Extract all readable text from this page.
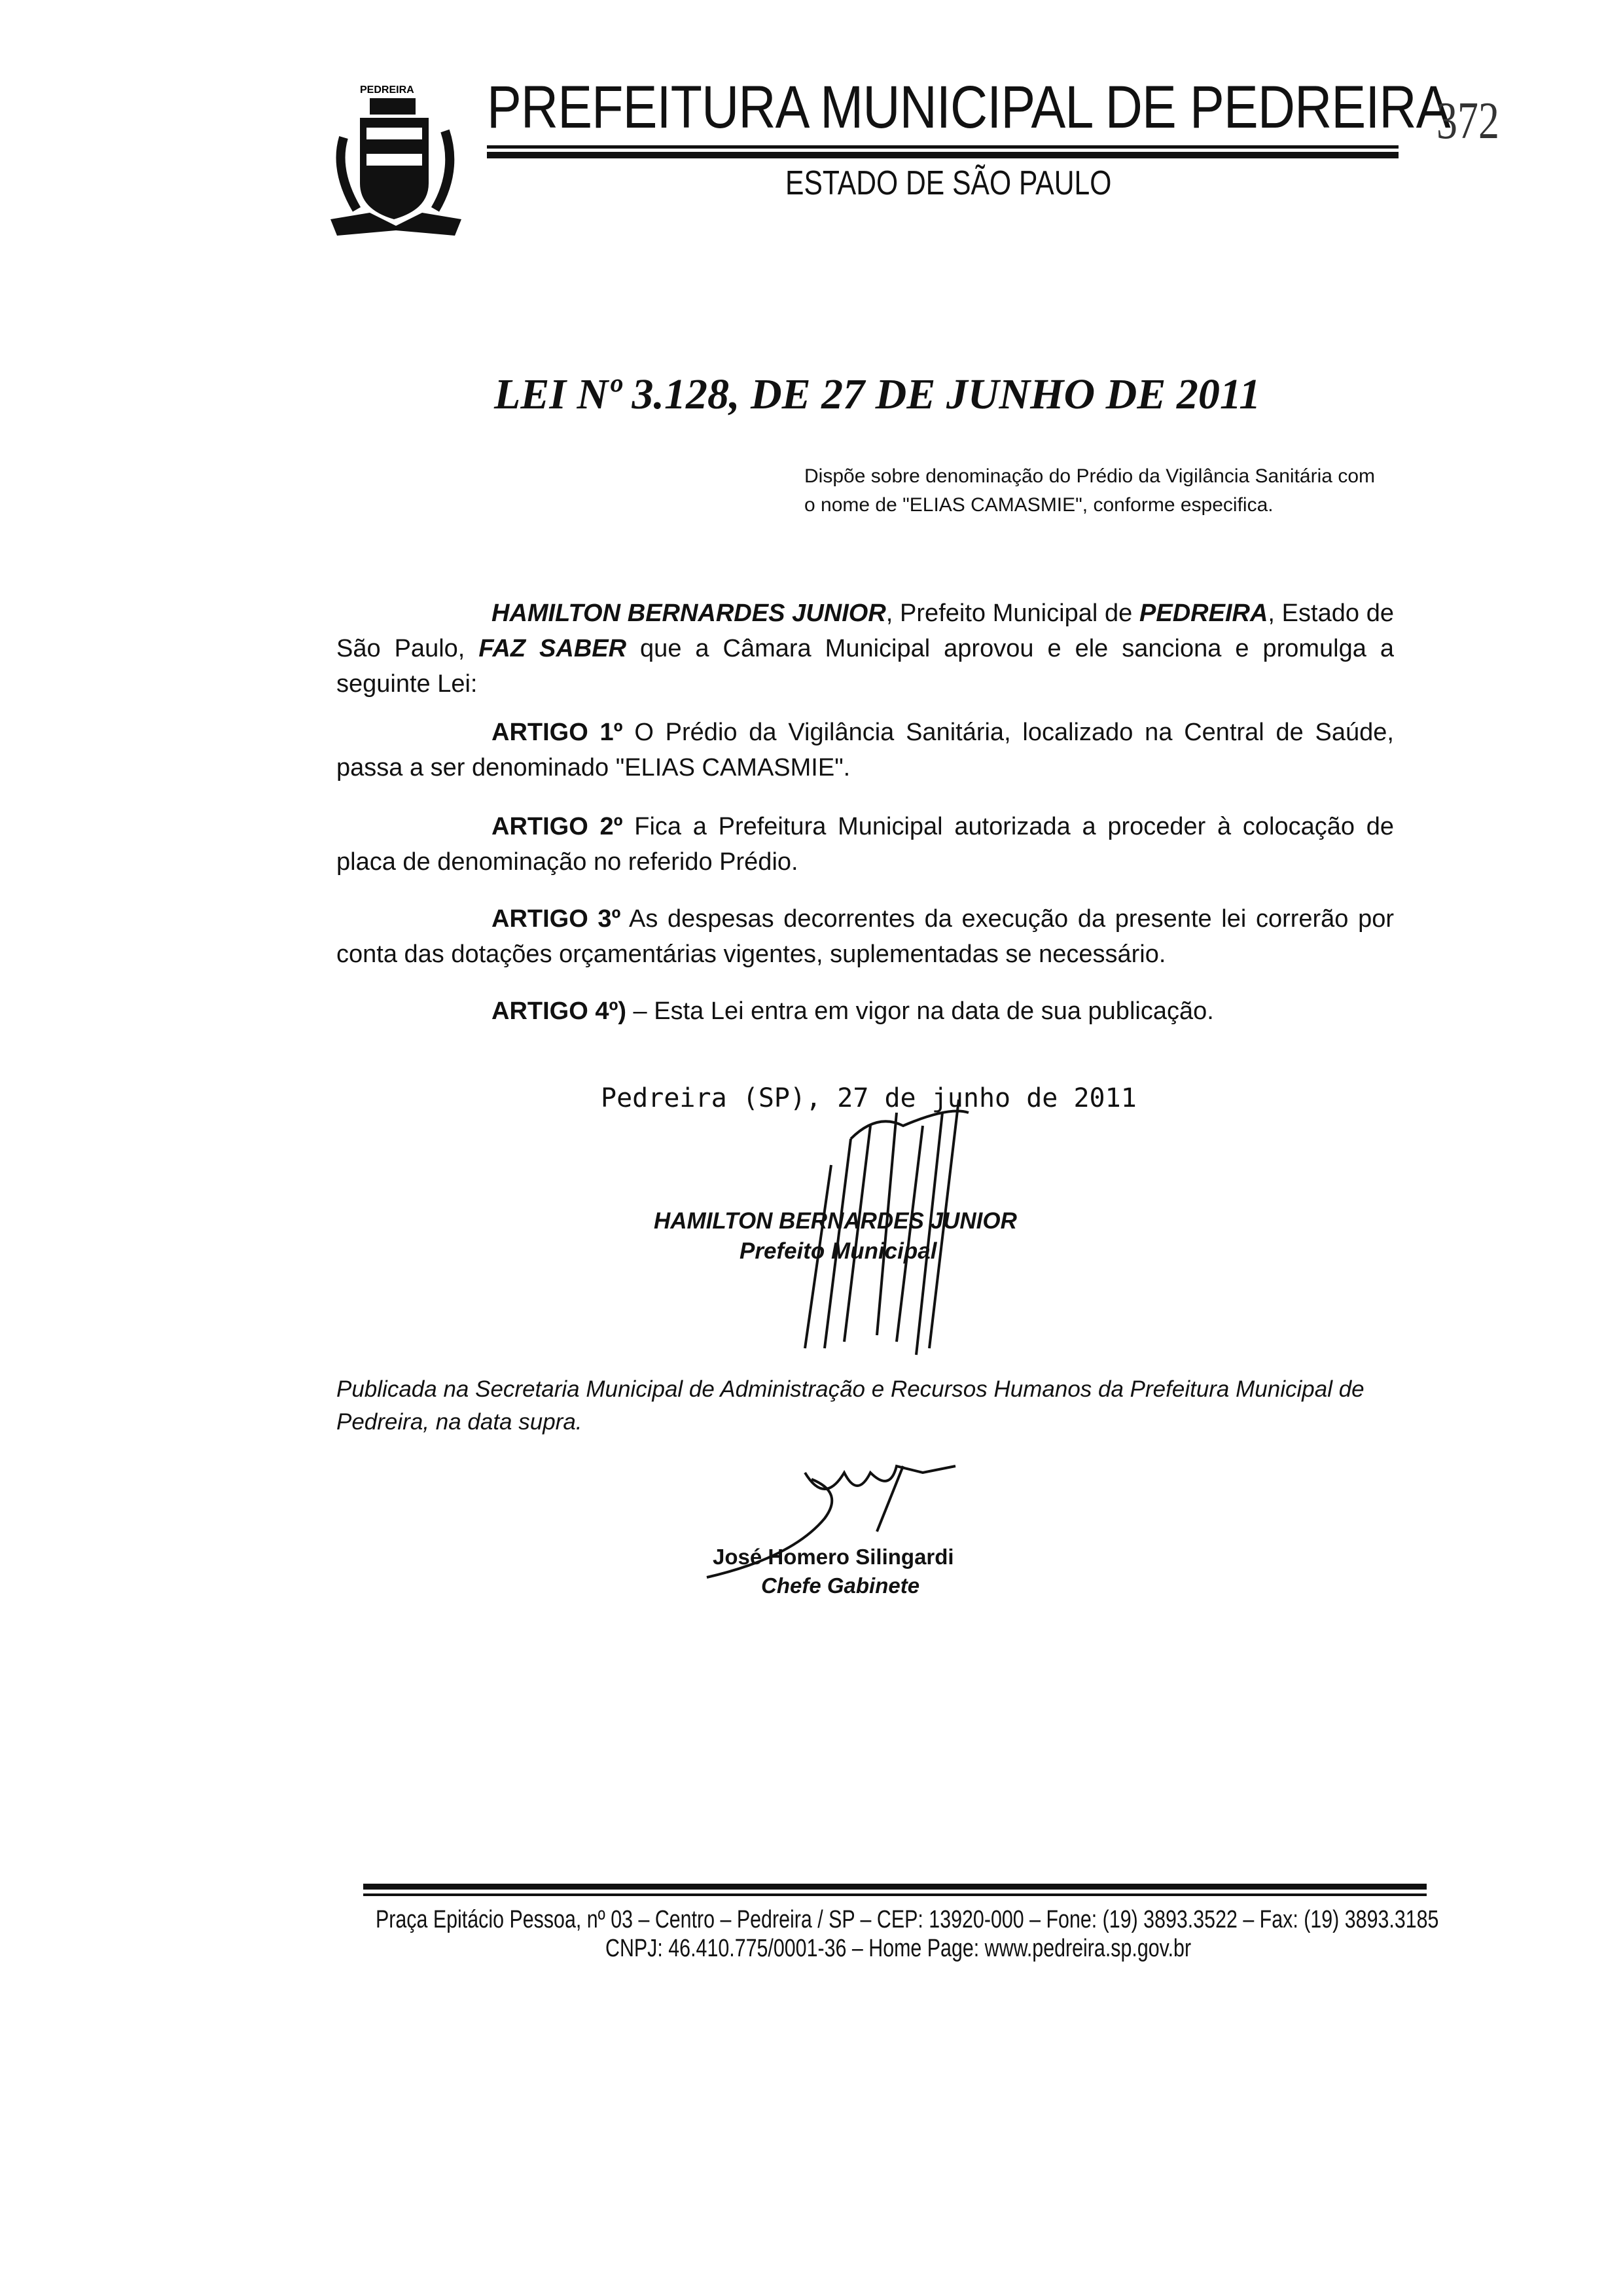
PEDREIRA PREFEITURA MUNICIPAL DE PEDREIRA
372
ESTADO DE SÃO PAULO
LEI Nº 3.128, DE 27 DE JUNHO DE 2011
Dispõe sobre denominação do Prédio da Vigilância Sanitária com o nome de "ELIAS CAMASMIE", conforme especifica.
HAMILTON BERNARDES JUNIOR, Prefeito Municipal de PEDREIRA, Estado de São Paulo, FAZ SABER que a Câmara Municipal aprovou e ele sanciona e promulga a seguinte Lei:
ARTIGO 1º O Prédio da Vigilância Sanitária, localizado na Central de Saúde, passa a ser denominado "ELIAS CAMASMIE".
ARTIGO 2º Fica a Prefeitura Municipal autorizada a proceder à colocação de placa de denominação no referido Prédio.
ARTIGO 3º As despesas decorrentes da execução da presente lei correrão por conta das dotações orçamentárias vigentes, suplementadas se necessário.
ARTIGO 4º) – Esta Lei entra em vigor na data de sua publicação.
Pedreira (SP), 27 de junho de 2011
HAMILTON BERNARDES JUNIOR
Prefeito Municipal
Publicada na Secretaria Municipal de Administração e Recursos Humanos da Prefeitura Municipal de Pedreira, na data supra.
José Homero Silingardi
Chefe Gabinete
Praça Epitácio Pessoa, nº 03 – Centro – Pedreira / SP – CEP: 13920-000 – Fone: (19) 3893.3522 – Fax: (19) 3893.3185
CNPJ: 46.410.775/0001-36 – Home Page: www.pedreira.sp.gov.br
